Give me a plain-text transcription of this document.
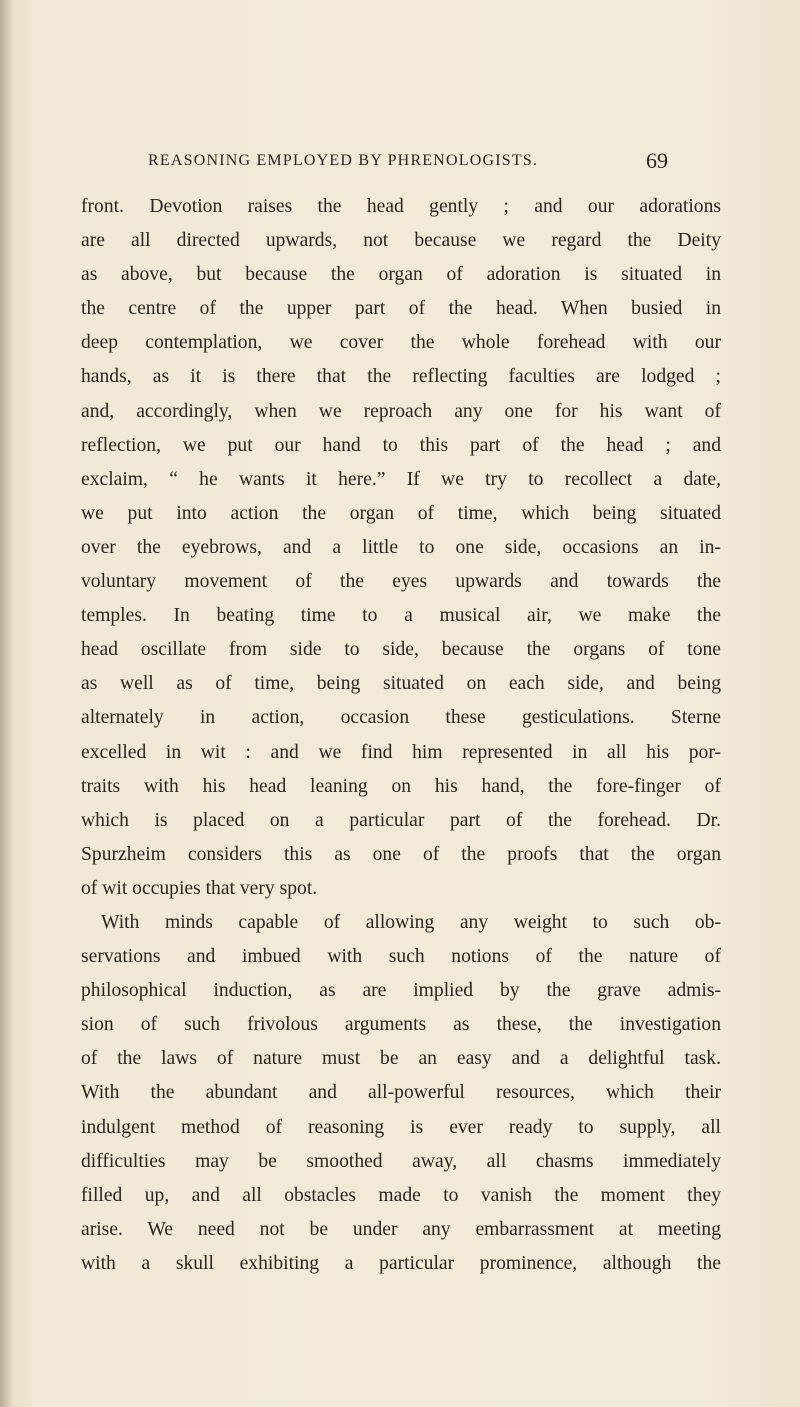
REASONING EMPLOYED BY PHRENOLOGISTS.	69
front. Devotion raises the head gently ; and our adorations
are all directed upwards, not because we regard the Deity
as above, but because the organ of adoration is situated in
the centre of the upper part of the head. When busied in
deep contemplation, we cover the whole forehead with our
hands, as it is there that the reflecting faculties are lodged ;
and, accordingly, when we reproach any one for his want of
reflection, we put our hand to this part of the head ; and
exclaim, “ he wants it here.” If we try to recollect a date,
we put into action the organ of time, which being situated
over the eyebrows, and a little to one side, occasions an in-
voluntary movement of the eyes upwards and towards the
temples. In beating time to a musical air, we make the
head oscillate from side to side, because the organs of tone
as well as of time, being situated on each side, and being
alternately in action, occasion these gesticulations. Sterne
excelled in wit : and we find him represented in all his por-
traits with his head leaning on his hand, the fore-finger of
which is placed on a particular part of the forehead. Dr.
Spurzheim considers this as one of the proofs that the organ
of wit occupies that very spot.
With minds capable of allowing any weight to such ob-
servations and imbued with such notions of the nature of
philosophical induction, as are implied by the grave admis-
sion of such frivolous arguments as these, the investigation
of the laws of nature must be an easy and a delightful task.
With the abundant and all-powerful resources, which their
indulgent method of reasoning is ever ready to supply, all
difficulties may be smoothed away, all chasms immediately
filled up, and all obstacles made to vanish the moment they
arise. We need not be under any embarrassment at meeting
with a skull exhibiting a particular prominence, although the
